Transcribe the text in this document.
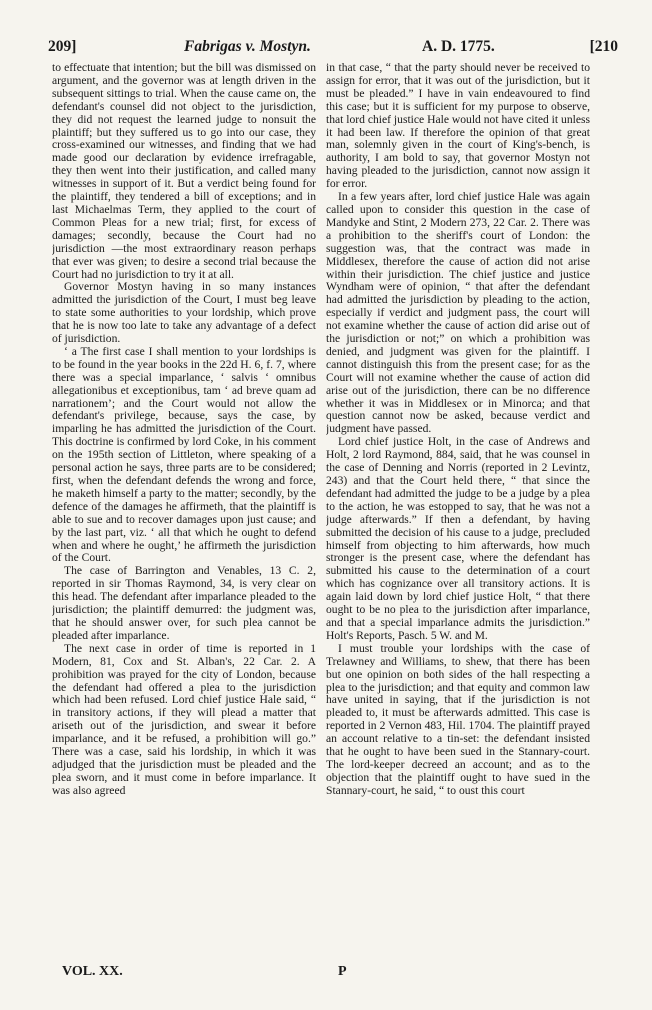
209]	Fabrigas v. Mostyn.	A. D. 1775.	[210

to effectuate that intention; but the bill was dismissed on argument, and the governor was at length driven in the subsequent sittings to trial. When the cause came on, the defendant's counsel did not object to the jurisdiction, they did not request the learned judge to nonsuit the plaintiff; but they suffered us to go into our case, they cross-examined our witnesses, and finding that we had made good our declaration by evidence irrefragable, they then went into their justification, and called many witnesses in support of it. But a verdict being found for the plaintiff, they tendered a bill of exceptions; and in last Michaelmas Term, they applied to the court of Common Pleas for a new trial; first, for excess of damages; secondly, because the Court had no jurisdiction —the most extraordinary reason perhaps that ever was given; to desire a second trial because the Court had no jurisdiction to try it at all.

Governor Mostyn having in so many instances admitted the jurisdiction of the Court, I must beg leave to state some authorities to your lordship, which prove that he is now too late to take any advantage of a defect of jurisdiction.

‘ a The first case I shall mention to your lordships is to be found in the year books in the 22d H. 6, f. 7, where there was a special imparlance, ‘ salvis ‘ omnibus allegationibus et exceptionibus, tam ‘ ad breve quam ad narrationem’; and the Court would not allow the defendant's privilege, because, says the case, by imparling he has admitted the jurisdiction of the Court. This doctrine is confirmed by lord Coke, in his comment on the 195th section of Littleton, where speaking of a personal action he says, three parts are to be considered; first, when the defendant defends the wrong and force, he maketh himself a party to the matter; secondly, by the defence of the damages he affirmeth, that the plaintiff is able to sue and to recover damages upon just cause; and by the last part, viz. ‘ all that which he ought to defend when and where he ought,’ he affirmeth the jurisdiction of the Court.

The case of Barrington and Venables, 13 C. 2, reported in sir Thomas Raymond, 34, is very clear on this head. The defendant after imparlance pleaded to the jurisdiction; the plaintiff demurred: the judgment was, that he should answer over, for such plea cannot be pleaded after imparlance.

The next case in order of time is reported in 1 Modern, 81, Cox and St. Alban's, 22 Car. 2. A prohibition was prayed for the city of London, because the defendant had offered a plea to the jurisdiction which had been refused. Lord chief justice Hale said, “ in transitory actions, if they will plead a matter that ariseth out of the jurisdiction, and swear it before imparlance, and it be refused, a prohibition will go.” There was a case, said his lordship, in which it was adjudged that the jurisdiction must be pleaded and the plea sworn, and it must come in before imparlance. It was also agreed

in that case, “ that the party should never be received to assign for error, that it was out of the jurisdiction, but it must be pleaded.” I have in vain endeavoured to find this case; but it is sufficient for my purpose to observe, that lord chief justice Hale would not have cited it unless it had been law. If therefore the opinion of that great man, solemnly given in the court of King's-bench, is authority, I am bold to say, that governor Mostyn not having pleaded to the jurisdiction, cannot now assign it for error.

In a few years after, lord chief justice Hale was again called upon to consider this question in the case of Mandyke and Stint, 2 Modern 273, 22 Car. 2. There was a prohibition to the sheriff's court of London: the suggestion was, that the contract was made in Middlesex, therefore the cause of action did not arise within their jurisdiction. The chief justice and justice Wyndham were of opinion, “ that after the defendant had admitted the jurisdiction by pleading to the action, especially if verdict and judgment pass, the court will not examine whether the cause of action did arise out of the jurisdiction or not;” on which a prohibition was denied, and judgment was given for the plaintiff. I cannot distinguish this from the present case; for as the Court will not examine whether the cause of action did arise out of the jurisdiction, there can be no difference whether it was in Middlesex or in Minorca; and that question cannot now be asked, because verdict and judgment have passed.

Lord chief justice Holt, in the case of Andrews and Holt, 2 lord Raymond, 884, said, that he was counsel in the case of Denning and Norris (reported in 2 Levintz, 243) and that the Court held there, “ that since the defendant had admitted the judge to be a judge by a plea to the action, he was estopped to say, that he was not a judge afterwards.” If then a defendant, by having submitted the decision of his cause to a judge, precluded himself from objecting to him afterwards, how much stronger is the present case, where the defendant has submitted his cause to the determination of a court which has cognizance over all transitory actions. It is again laid down by lord chief justice Holt, “ that there ought to be no plea to the jurisdiction after imparlance, and that a special imparlance admits the jurisdiction.” Holt's Reports, Pasch. 5 W. and M.

I must trouble your lordships with the case of Trelawney and Williams, to shew, that there has been but one opinion on both sides of the hall respecting a plea to the jurisdiction; and that equity and common law have united in saying, that if the jurisdiction is not pleaded to, it must be afterwards admitted. This case is reported in 2 Vernon 483, Hil. 1704. The plaintiff prayed an account relative to a tin-set: the defendant insisted that he ought to have been sued in the Stannary-court. The lord-keeper decreed an account; and as to the objection that the plaintiff ought to have sued in the Stannary-court, he said, “ to oust this court

VOL. XX.	P
